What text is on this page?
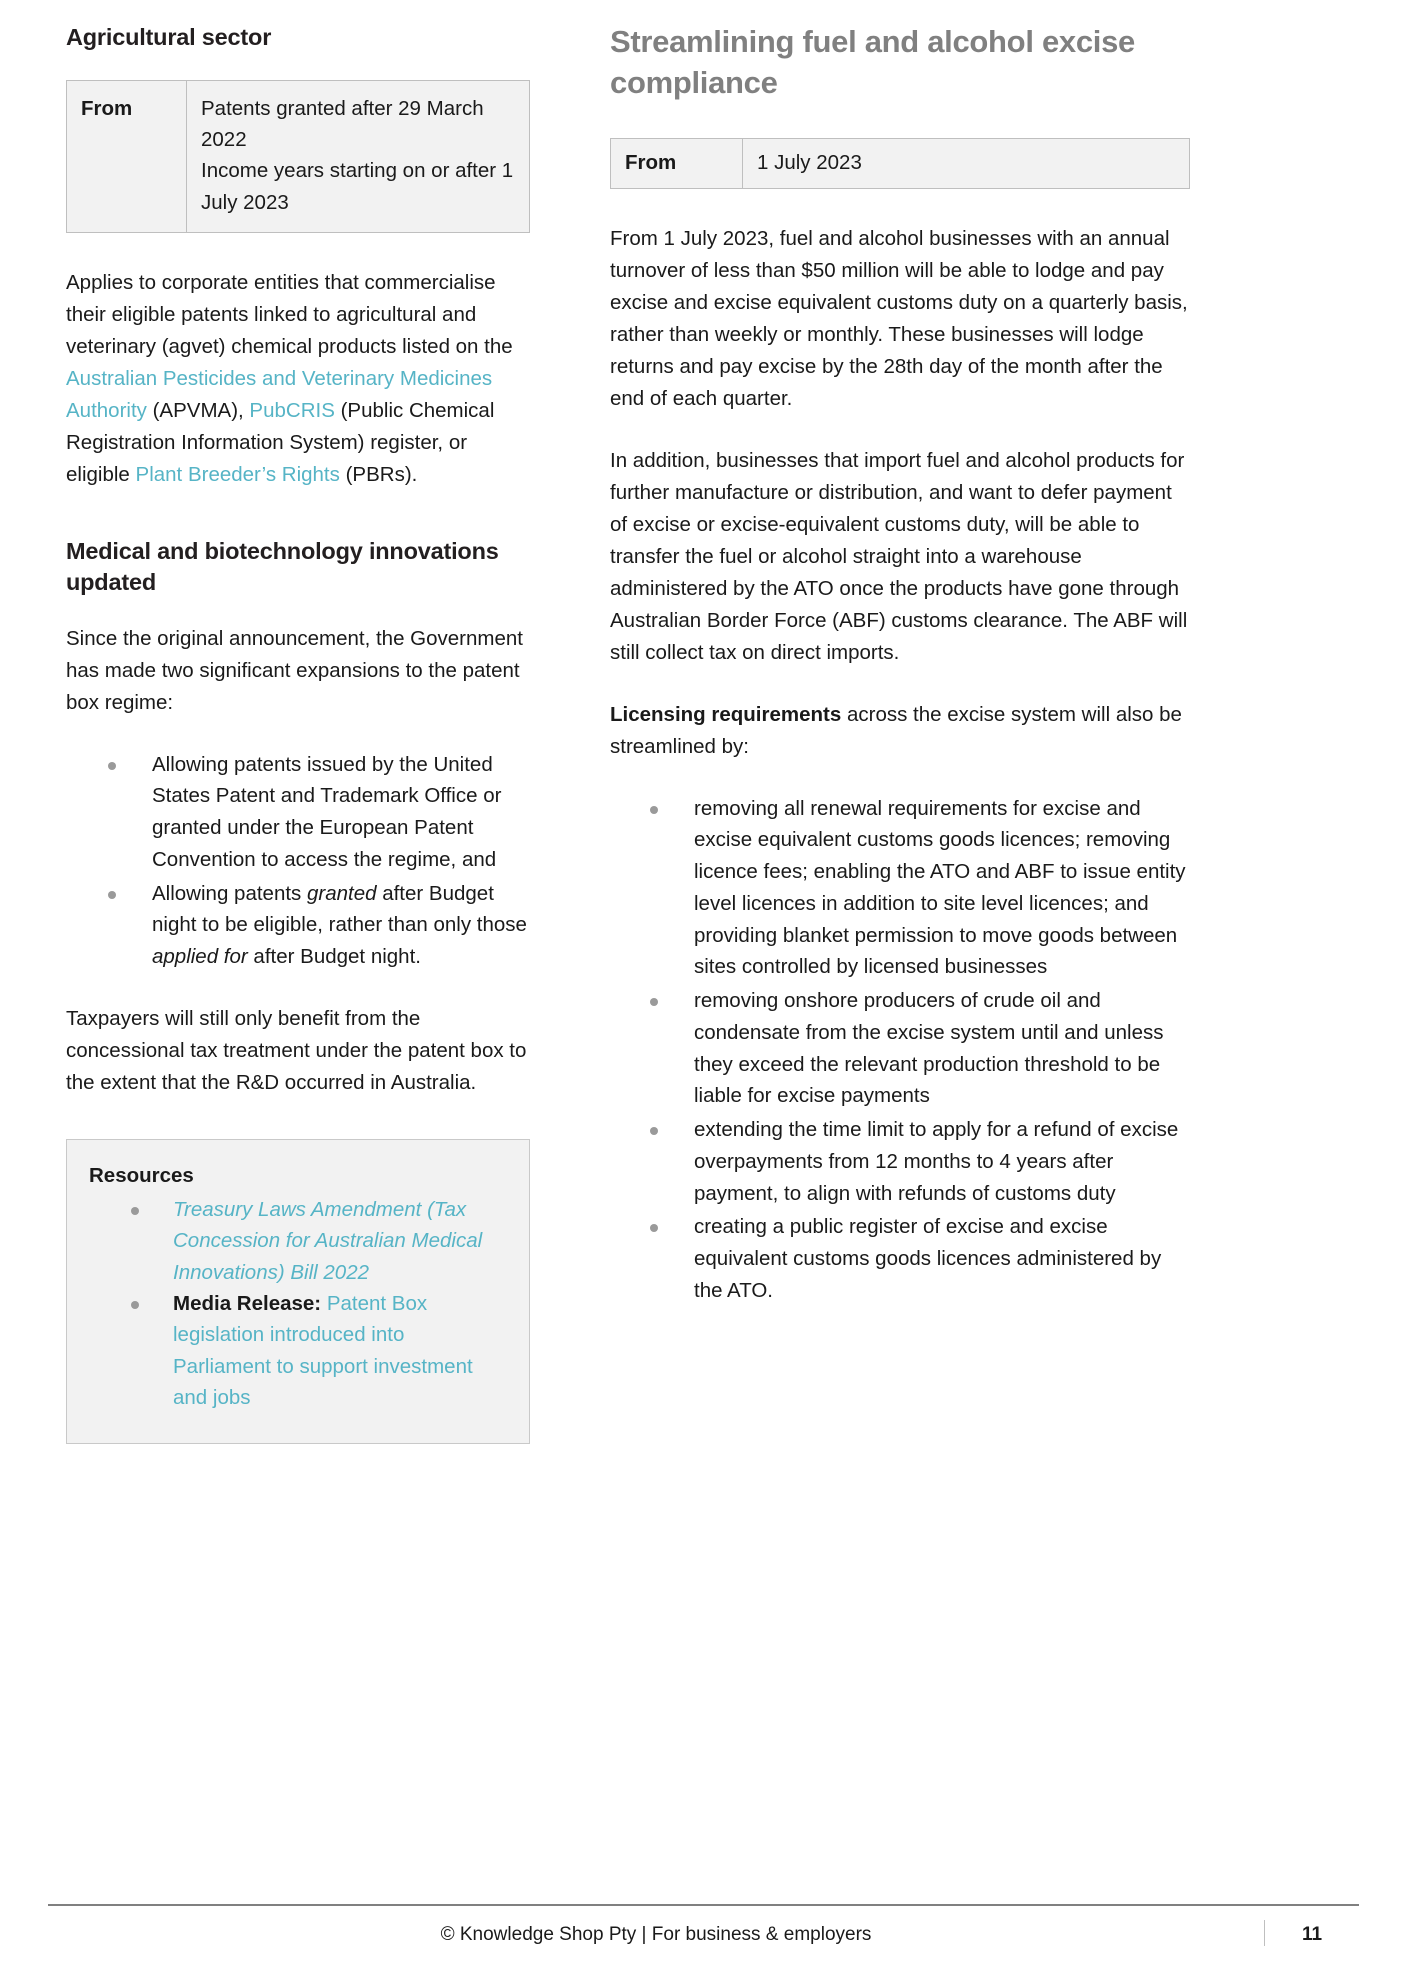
Agricultural sector
From	Patents granted after 29 March 2022
Income years starting on or after 1 July 2023

Applies to corporate entities that commercialise their eligible patents linked to agricultural and veterinary (agvet) chemical products listed on the Australian Pesticides and Veterinary Medicines Authority (APVMA), PubCRIS (Public Chemical Registration Information System) register, or eligible Plant Breeder’s Rights (PBRs).

Medical and biotechnology innovations updated

Since the original announcement, the Government has made two significant expansions to the patent box regime:

Allowing patents issued by the United States Patent and Trademark Office or granted under the European Patent Convention to access the regime, and
Allowing patents granted after Budget night to be eligible, rather than only those applied for after Budget night.

Taxpayers will still only benefit from the concessional tax treatment under the patent box to the extent that the R&D occurred in Australia.

Resources
Treasury Laws Amendment (Tax Concession for Australian Medical Innovations) Bill 2022
Media Release: Patent Box legislation introduced into Parliament to support investment and jobs
Streamlining fuel and alcohol excise compliance
From	1 July 2023

From 1 July 2023, fuel and alcohol businesses with an annual turnover of less than $50 million will be able to lodge and pay excise and excise equivalent customs duty on a quarterly basis, rather than weekly or monthly. These businesses will lodge returns and pay excise by the 28th day of the month after the end of each quarter.

In addition, businesses that import fuel and alcohol products for further manufacture or distribution, and want to defer payment of excise or excise-equivalent customs duty, will be able to transfer the fuel or alcohol straight into a warehouse administered by the ATO once the products have gone through Australian Border Force (ABF) customs clearance. The ABF will still collect tax on direct imports.

Licensing requirements across the excise system will also be streamlined by:

removing all renewal requirements for excise and excise equivalent customs goods licences; removing licence fees; enabling the ATO and ABF to issue entity level licences in addition to site level licences; and providing blanket permission to move goods between sites controlled by licensed businesses
removing onshore producers of crude oil and condensate from the excise system until and unless they exceed the relevant production threshold to be liable for excise payments
extending the time limit to apply for a refund of excise overpayments from 12 months to 4 years after payment, to align with refunds of customs duty
creating a public register of excise and excise equivalent customs goods licences administered by the ATO.
© Knowledge Shop Pty | For business & employers	11
